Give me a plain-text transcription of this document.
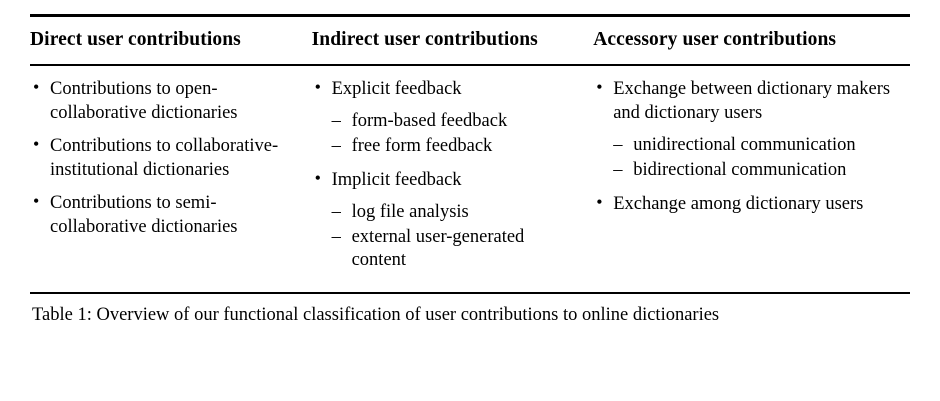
Direct user contributions	Indirect user contributions	Accessory user contributions
• Contributions to open-collaborative dictionaries
• Contributions to collaborative-institutional dictionaries
• Contributions to semi-collaborative dictionaries
• Explicit feedback
– form-based feedback
– free form feedback
• Implicit feedback
– log file analysis
– external user-generated content
• Exchange between dictionary makers and dictionary users
– unidirectional communication
– bidirectional communication
• Exchange among dictionary users
Table 1: Overview of our functional classification of user contributions to online dictionaries
